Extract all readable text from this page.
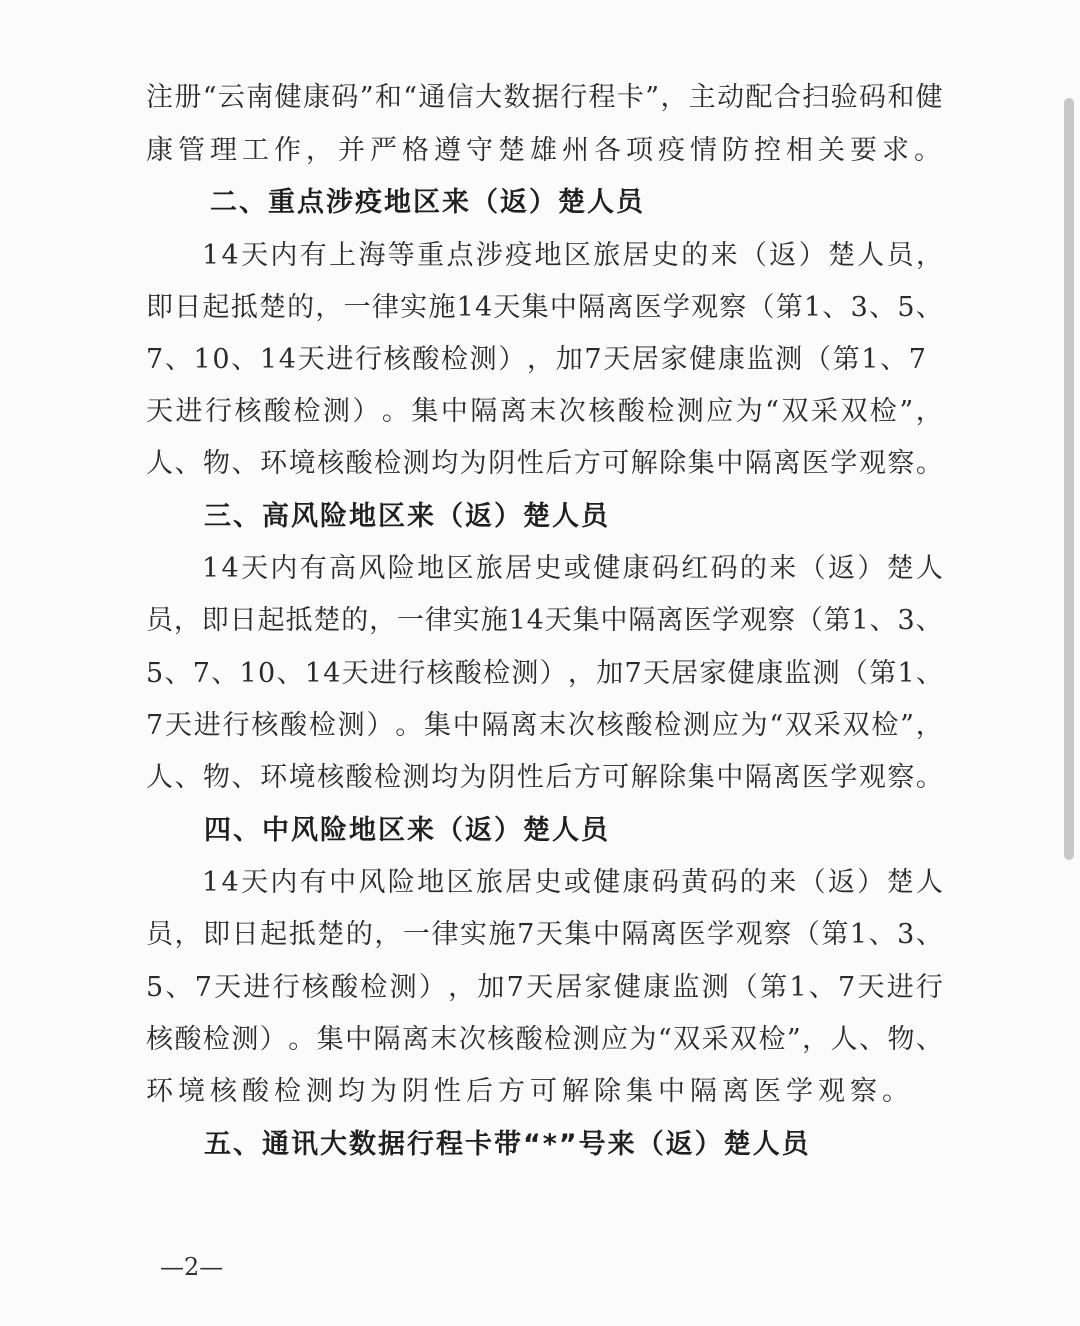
注 册 “ 云 南 健 康 码 ” 和 “ 通 信 大 数 据 行 程 卡 ” ， 主 动 配 合 扫 验 码 和 健
康管理工作，并严格遵守楚雄州各项疫情防控相关要求。
二、重点涉疫地区来（返）楚人员
1 4 天 内 有 上 海 等 重 点 涉 疫 地 区 旅 居 史 的 来 （ 返 ） 楚 人 员 ，
即 日 起 抵 楚 的 ， 一 律 实 施 1 4 天 集 中 隔 离 医 学 观 察 （ 第 1 、 3 、 5 、
7 、 1 0 、 1 4 天 进 行 核 酸 检 测 ） ， 加 7 天 居 家 健 康 监 测 （ 第 1 、 7
天 进 行 核 酸 检 测 ） 。 集 中 隔 离 末 次 核 酸 检 测 应 为 “ 双 采 双 检 ” ，
人 、 物 、 环 境 核 酸 检 测 均 为 阴 性 后 方 可 解 除 集 中 隔 离 医 学 观 察 。
三、高风险地区来（返）楚人员
1 4 天 内 有 高 风 险 地 区 旅 居 史 或 健 康 码 红 码 的 来 （ 返 ） 楚 人
员 ， 即 日 起 抵 楚 的 ， 一 律 实 施 1 4 天 集 中 隔 离 医 学 观 察 （ 第 1 、 3 、
5 、 7 、 1 0 、 1 4 天 进 行 核 酸 检 测 ） ， 加 7 天 居 家 健 康 监 测 （ 第 1 、
7 天 进 行 核 酸 检 测 ） 。 集 中 隔 离 末 次 核 酸 检 测 应 为 “ 双 采 双 检 ” ，
人 、 物 、 环 境 核 酸 检 测 均 为 阴 性 后 方 可 解 除 集 中 隔 离 医 学 观 察 。
四、中风险地区来（返）楚人员
1 4 天 内 有 中 风 险 地 区 旅 居 史 或 健 康 码 黄 码 的 来 （ 返 ） 楚 人
员 ， 即 日 起 抵 楚 的 ， 一 律 实 施 7 天 集 中 隔 离 医 学 观 察 （ 第 1 、 3 、
5 、 7 天 进 行 核 酸 检 测 ） ， 加 7 天 居 家 健 康 监 测 （ 第 1 、 7 天 进 行
核 酸 检 测 ） 。 集 中 隔 离 末 次 核 酸 检 测 应 为 “ 双 采 双 检 ” ， 人 、 物 、
环境核酸检测均为阴性后方可解除集中隔离医学观察。
五、通讯大数据行程卡带“*”号来（返）楚人员
—2—
